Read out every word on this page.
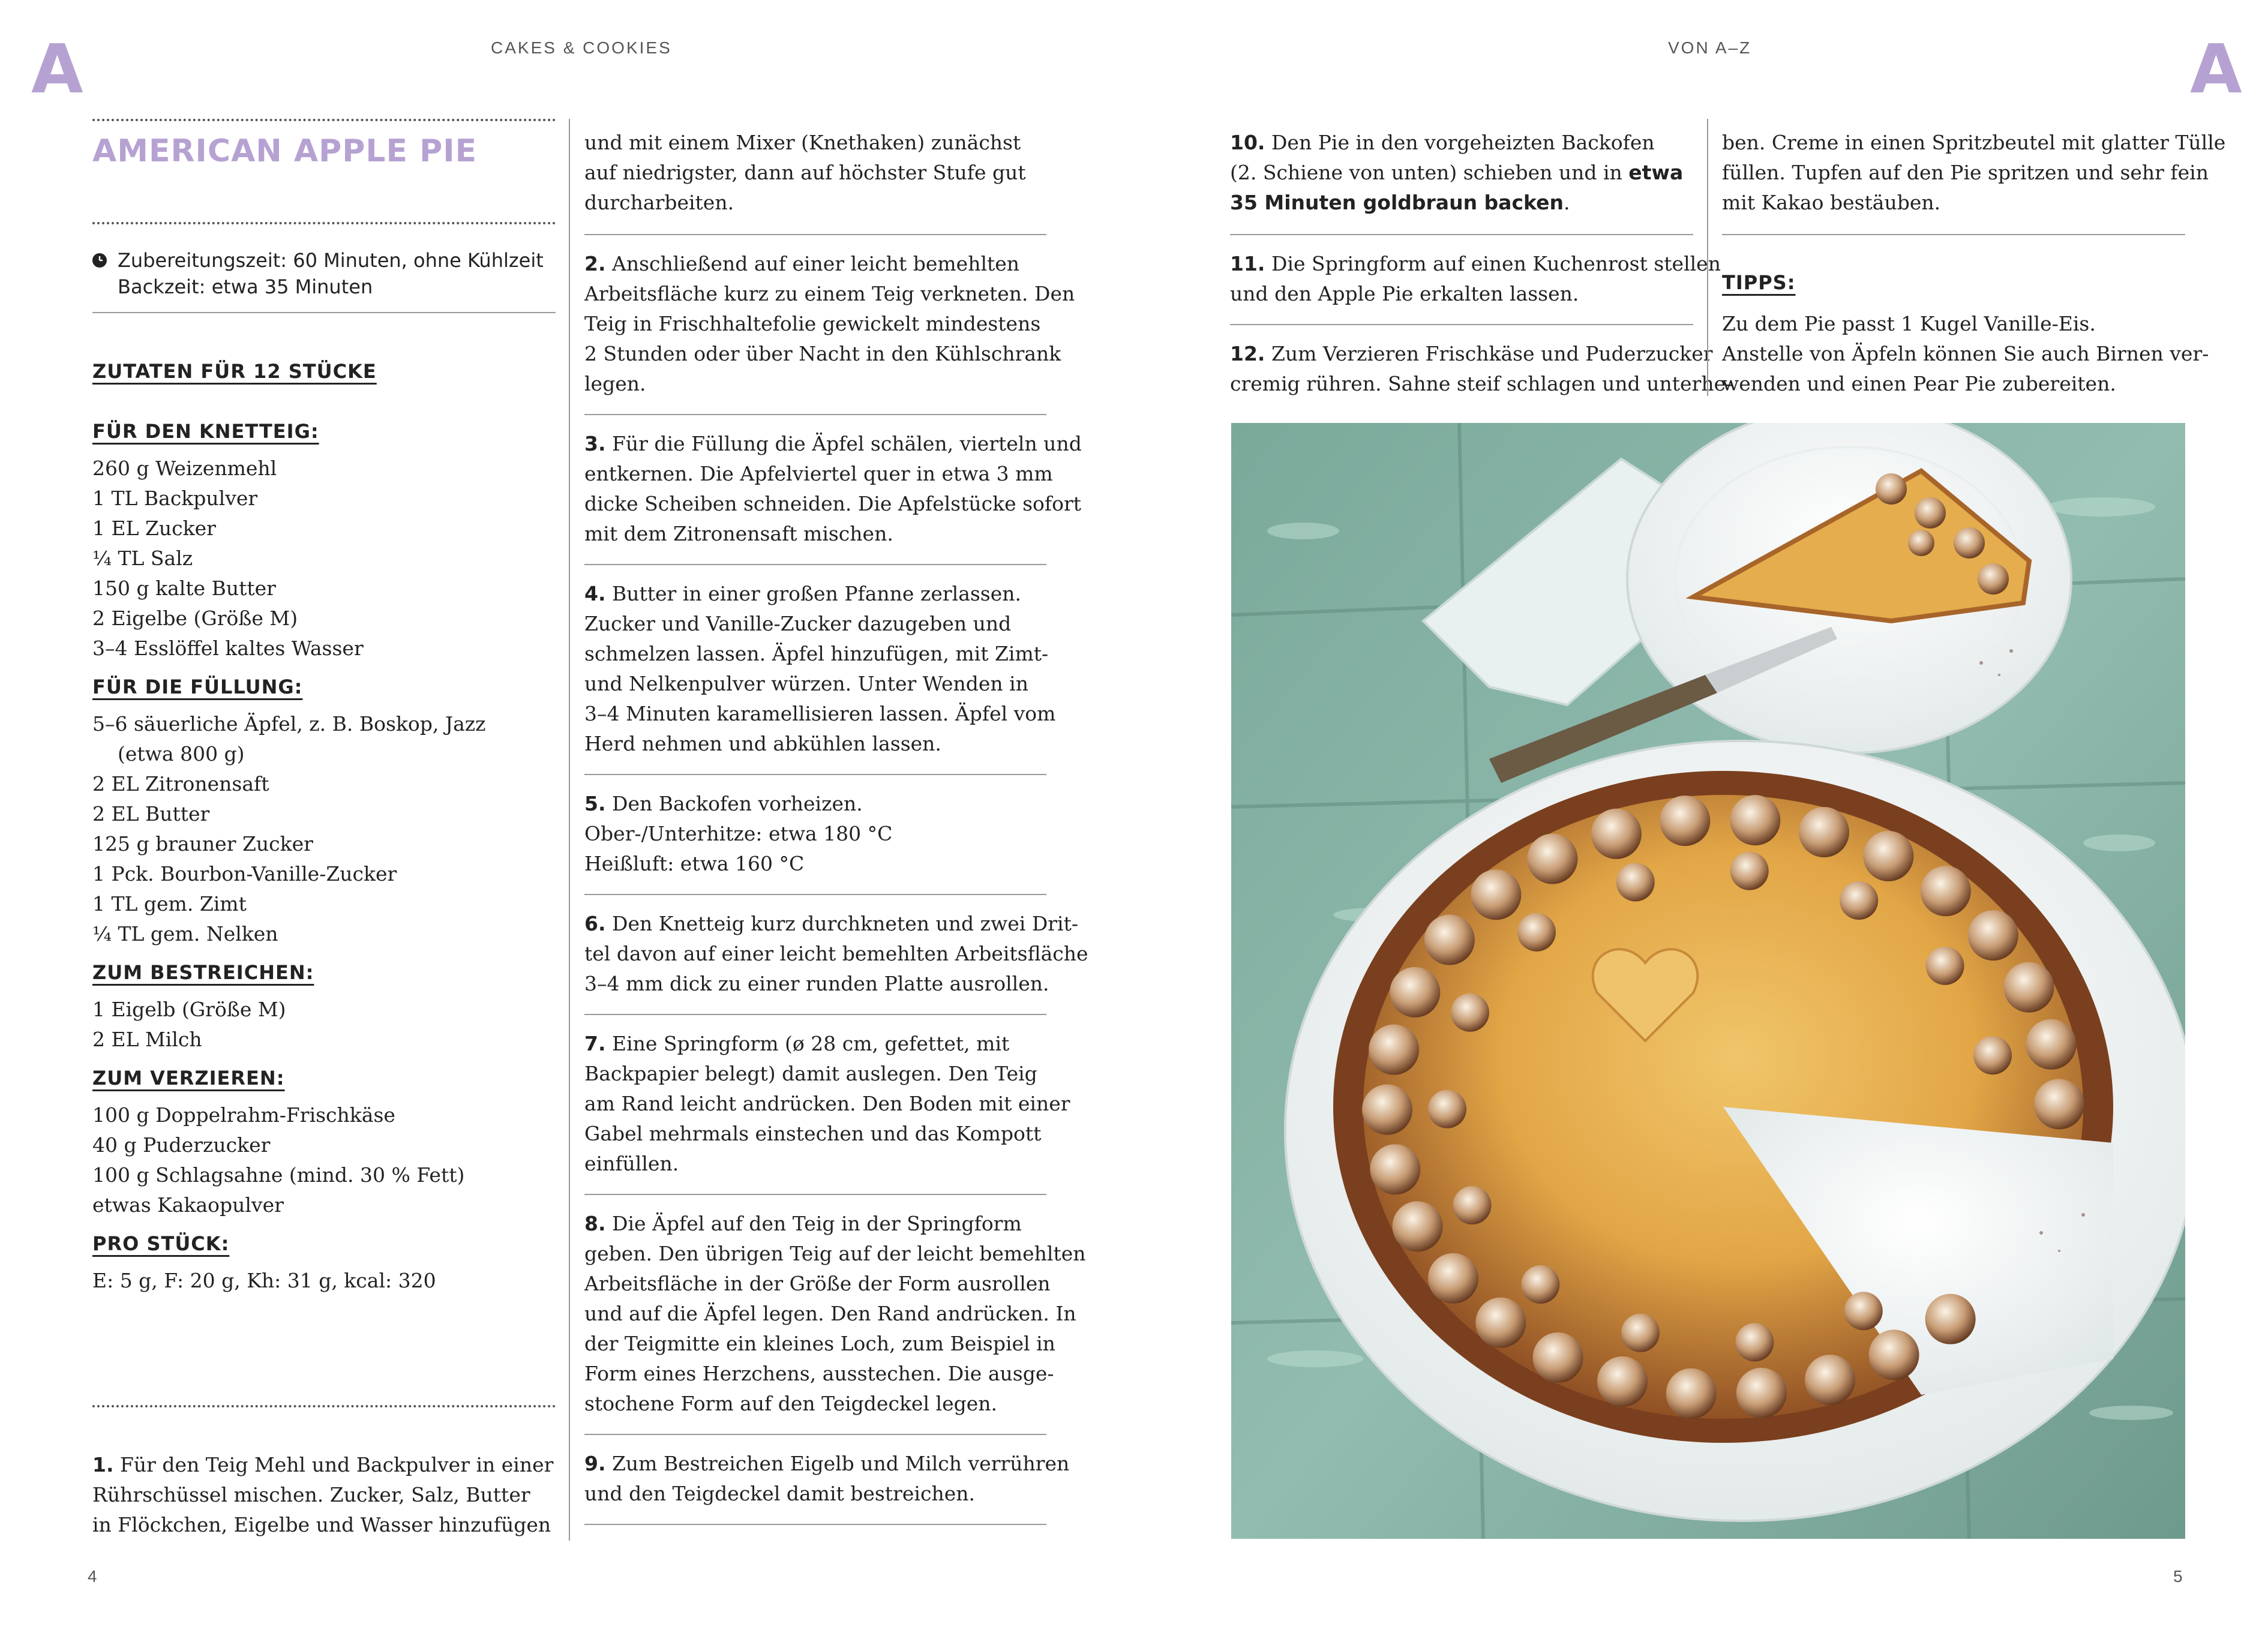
A	A
CAKES & COOKIES	VON A–Z
4	5
AMERICAN APPLE PIE
Zubereitungszeit: 60 Minuten, ohne Kühlzeit
Backzeit: etwa 35 Minuten
ZUTATEN FÜR 12 STÜCKE
FÜR DEN KNETTEIG:
260 g Weizenmehl
1 TL Backpulver
1 EL Zucker
¼ TL Salz
150 g kalte Butter
2 Eigelbe (Größe M)
3–4 Esslöffel kaltes Wasser
FÜR DIE FÜLLUNG:
5–6 säuerliche Äpfel, z. B. Boskop, Jazz
(etwa 800 g)
2 EL Zitronensaft
2 EL Butter
125 g brauner Zucker
1 Pck. Bourbon-Vanille-Zucker
1 TL gem. Zimt
¼ TL gem. Nelken
ZUM BESTREICHEN:
1 Eigelb (Größe M)
2 EL Milch
ZUM VERZIEREN:
100 g Doppelrahm-Frischkäse
40 g Puderzucker
100 g Schlagsahne (mind. 30 % Fett)
etwas Kakaopulver
PRO STÜCK:
E: 5 g, F: 20 g, Kh: 31 g, kcal: 320
1. Für den Teig Mehl und Backpulver in einer
Rührschüssel mischen. Zucker, Salz, Butter
in Flöckchen, Eigelbe und Wasser hinzufügen
und mit einem Mixer (Knethaken) zunächst
auf niedrigster, dann auf höchster Stufe gut
durcharbeiten.
2. Anschließend auf einer leicht bemehlten
Arbeitsfläche kurz zu einem Teig verkneten. Den
Teig in Frischhaltefolie gewickelt mindestens
2 Stunden oder über Nacht in den Kühlschrank
legen.
3. Für die Füllung die Äpfel schälen, vierteln und
entkernen. Die Apfelviertel quer in etwa 3 mm
dicke Scheiben schneiden. Die Apfelstücke sofort
mit dem Zitronensaft mischen.
4. Butter in einer großen Pfanne zerlassen.
Zucker und Vanille-Zucker dazugeben und
schmelzen lassen. Äpfel hinzufügen, mit Zimt-
und Nelkenpulver würzen. Unter Wenden in
3–4 Minuten karamellisieren lassen. Äpfel vom
Herd nehmen und abkühlen lassen.
5. Den Backofen vorheizen.
Ober-/Unterhitze: etwa 180 °C
Heißluft: etwa 160 °C
6. Den Knetteig kurz durchkneten und zwei Drit-
tel davon auf einer leicht bemehlten Arbeitsfläche
3–4 mm dick zu einer runden Platte ausrollen.
7. Eine Springform (ø 28 cm, gefettet, mit
Backpapier belegt) damit auslegen. Den Teig
am Rand leicht andrücken. Den Boden mit einer
Gabel mehrmals einstechen und das Kompott
einfüllen.
8. Die Äpfel auf den Teig in der Springform
geben. Den übrigen Teig auf der leicht bemehlten
Arbeitsfläche in der Größe der Form ausrollen
und auf die Äpfel legen. Den Rand andrücken. In
der Teigmitte ein kleines Loch, zum Beispiel in
Form eines Herzchens, ausstechen. Die ausge-
stochene Form auf den Teigdeckel legen.
9. Zum Bestreichen Eigelb und Milch verrühren
und den Teigdeckel damit bestreichen.
10. Den Pie in den vorgeheizten Backofen
(2. Schiene von unten) schieben und in etwa
35 Minuten goldbraun backen.
11. Die Springform auf einen Kuchenrost stellen
und den Apple Pie erkalten lassen.
12. Zum Verzieren Frischkäse und Puderzucker
cremig rühren. Sahne steif schlagen und unterhe-
ben. Creme in einen Spritzbeutel mit glatter Tülle
füllen. Tupfen auf den Pie spritzen und sehr fein
mit Kakao bestäuben.
TIPPS:
Zu dem Pie passt 1 Kugel Vanille-Eis.
Anstelle von Äpfeln können Sie auch Birnen ver-
wenden und einen Pear Pie zubereiten.
